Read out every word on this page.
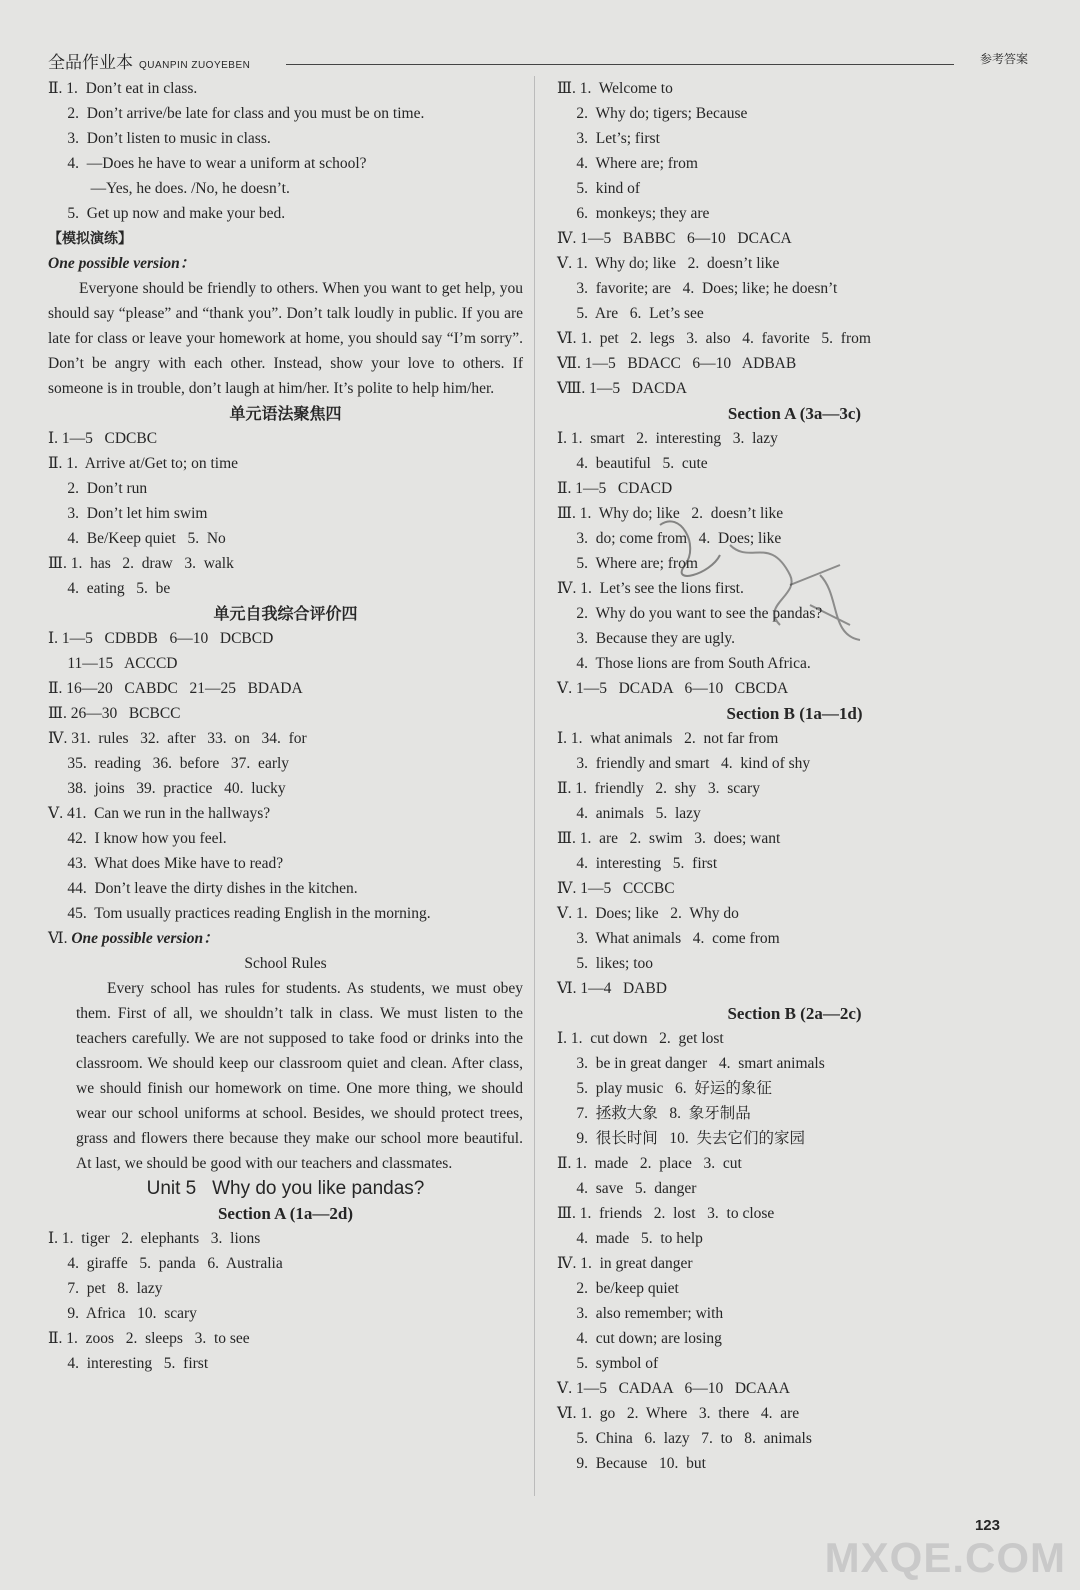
全品作业本 QUANPIN ZUOYEBEN	参考答案
Ⅱ. 1.  Don’t eat in class.
2.  Don’t arrive/be late for class and you must be on time.
3.  Don’t listen to music in class.
4.  —Does he have to wear a uniform at school?
—Yes, he does. /No, he doesn’t.
5.  Get up now and make your bed.
【模拟演练】
One possible version：

Everyone should be friendly to others. When you want to get help, you should say “please” and “thank you”. Don’t talk loudly in public. If you are late for class or leave your homework at home, you should say “I’m sorry”. Don’t be angry with each other. Instead, show your love to others. If someone is in trouble, don’t laugh at him/her. It’s polite to help him/her.

单元语法聚焦四
Ⅰ. 1—5   CDCBC
Ⅱ. 1.  Arrive at/Get to; on time
2.  Don’t run
3.  Don’t let him swim
4.  Be/Keep quiet   5.  No
Ⅲ. 1.  has   2.  draw   3.  walk
4.  eating   5.  be
单元自我综合评价四
Ⅰ. 1—5   CDBDB   6—10   DCBCD
11—15   ACCCD
Ⅱ. 16—20   CABDC   21—25   BDADA
Ⅲ. 26—30   BCBCC
Ⅳ. 31.  rules   32.  after   33.  on   34.  for
35.  reading   36.  before   37.  early
38.  joins   39.  practice   40.  lucky
Ⅴ. 41.  Can we run in the hallways?
42.  I know how you feel.
43.  What does Mike have to read?
44.  Don’t leave the dirty dishes in the kitchen.
45.  Tom usually practices reading English in the morning.
Ⅵ. One possible version：
School Rules

Every school has rules for students. As students, we must obey them. First of all, we shouldn’t talk in class. We must listen to the teachers carefully. We are not supposed to take food or drinks into the classroom. We should keep our classroom quiet and clean. After class, we should finish our homework on time. One more thing, we should wear our school uniforms at school. Besides, we should protect trees, grass and flowers there because they make our school more beautiful. At last, we should be good with our teachers and classmates.

Unit 5   Why do you like pandas?
Section A (1a—2d)
Ⅰ. 1.  tiger   2.  elephants   3.  lions
4.  giraffe   5.  panda   6.  Australia
7.  pet   8.  lazy
9.  Africa   10.  scary
Ⅱ. 1.  zoos   2.  sleeps   3.  to see
4.  interesting   5.  first
Ⅲ. 1.  Welcome to
2.  Why do; tigers; Because
3.  Let’s; first
4.  Where are; from
5.  kind of
6.  monkeys; they are
Ⅳ. 1—5   BABBC   6—10   DCACA
Ⅴ. 1.  Why do; like   2.  doesn’t like
3.  favorite; are   4.  Does; like; he doesn’t
5.  Are   6.  Let’s see
Ⅵ. 1.  pet   2.  legs   3.  also   4.  favorite   5.  from
Ⅶ. 1—5   BDACC   6—10   ADBAB
Ⅷ. 1—5   DACDA
Section A (3a—3c)
Ⅰ. 1.  smart   2.  interesting   3.  lazy
4.  beautiful   5.  cute
Ⅱ. 1—5   CDACD
Ⅲ. 1.  Why do; like   2.  doesn’t like
3.  do; come from   4.  Does; like
5.  Where are; from
Ⅳ. 1.  Let’s see the lions first.
2.  Why do you want to see the pandas?
3.  Because they are ugly.
4.  Those lions are from South Africa.
Ⅴ. 1—5   DCADA   6—10   CBCDA
Section B (1a—1d)
Ⅰ. 1.  what animals   2.  not far from
3.  friendly and smart   4.  kind of shy
Ⅱ. 1.  friendly   2.  shy   3.  scary
4.  animals   5.  lazy
Ⅲ. 1.  are   2.  swim   3.  does; want
4.  interesting   5.  first
Ⅳ. 1—5   CCCBC
Ⅴ. 1.  Does; like   2.  Why do
3.  What animals   4.  come from
5.  likes; too
Ⅵ. 1—4   DABD
Section B (2a—2c)
Ⅰ. 1.  cut down   2.  get lost
3.  be in great danger   4.  smart animals
5.  play music   6.  好运的象征
7.  拯救大象   8.  象牙制品
9.  很长时间   10.  失去它们的家园
Ⅱ. 1.  made   2.  place   3.  cut
4.  save   5.  danger
Ⅲ. 1.  friends   2.  lost   3.  to close
4.  made   5.  to help
Ⅳ. 1.  in great danger
2.  be/keep quiet
3.  also remember; with
4.  cut down; are losing
5.  symbol of
Ⅴ. 1—5   CADAA   6—10   DCAAA
Ⅵ. 1.  go   2.  Where   3.  there   4.  are
5.  China   6.  lazy   7.  to   8.  animals
9.  Because   10.  but
123
MXQE.COM
